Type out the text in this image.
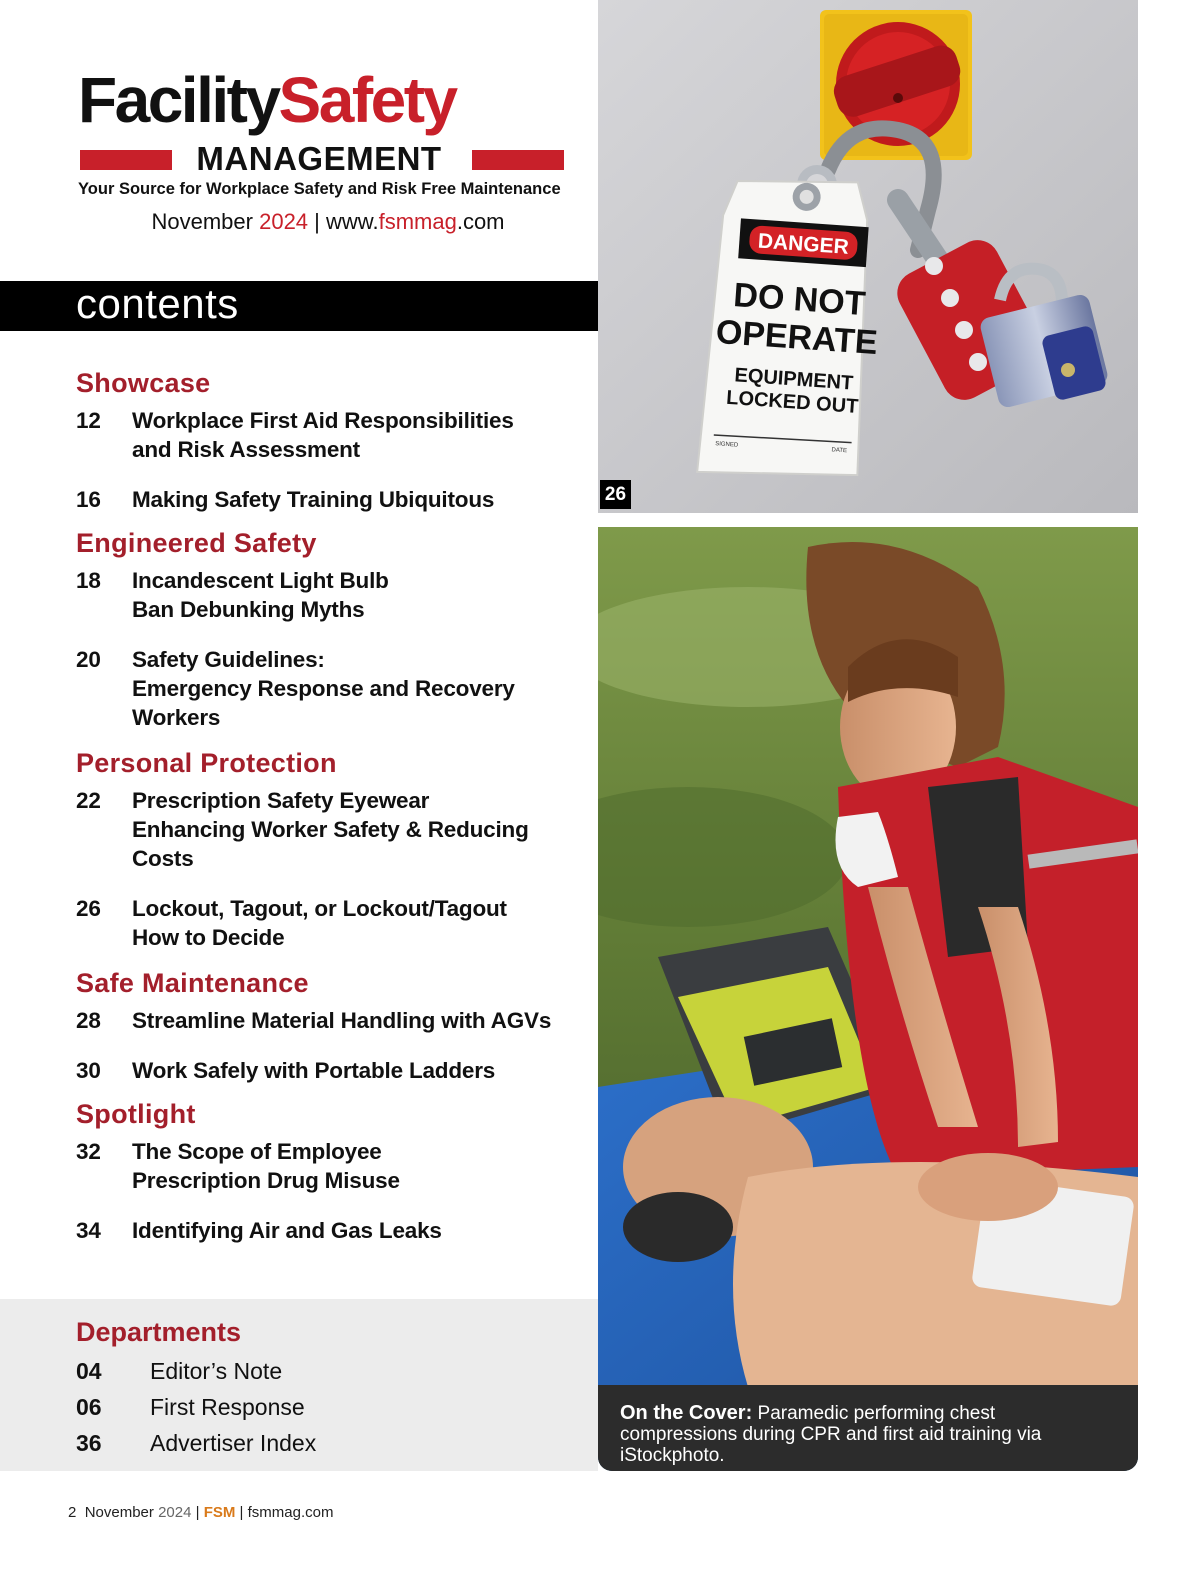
FacilitySafety
MANAGEMENT
Your Source for Workplace Safety and Risk Free Maintenance
November 2024 | www.fsmmag.com
contents
Showcase
12	Workplace First Aid Responsibilities
and Risk Assessment
16	Making Safety Training Ubiquitous
Engineered Safety
18	Incandescent Light Bulb
Ban Debunking Myths
20	Safety Guidelines:
Emergency Response and Recovery Workers
Personal Protection
22	Prescription Safety Eyewear
Enhancing Worker Safety & Reducing Costs
26	Lockout, Tagout, or Lockout/Tagout
How to Decide
Safe Maintenance
28	Streamline Material Handling with AGVs
30	Work Safely with Portable Ladders
Spotlight
32	The Scope of Employee
Prescription Drug Misuse
34	Identifying Air and Gas Leaks
Departments
04	Editor’s Note
06	First Response
36	Advertiser Index
2 November 2024 | FSM | fsmmag.com
DANGER
DO NOT
OPERATE
EQUIPMENT
LOCKED OUT
SIGNED
DATE
26
On the Cover: Paramedic performing chest compressions during CPR and first aid training via iStockphoto.
